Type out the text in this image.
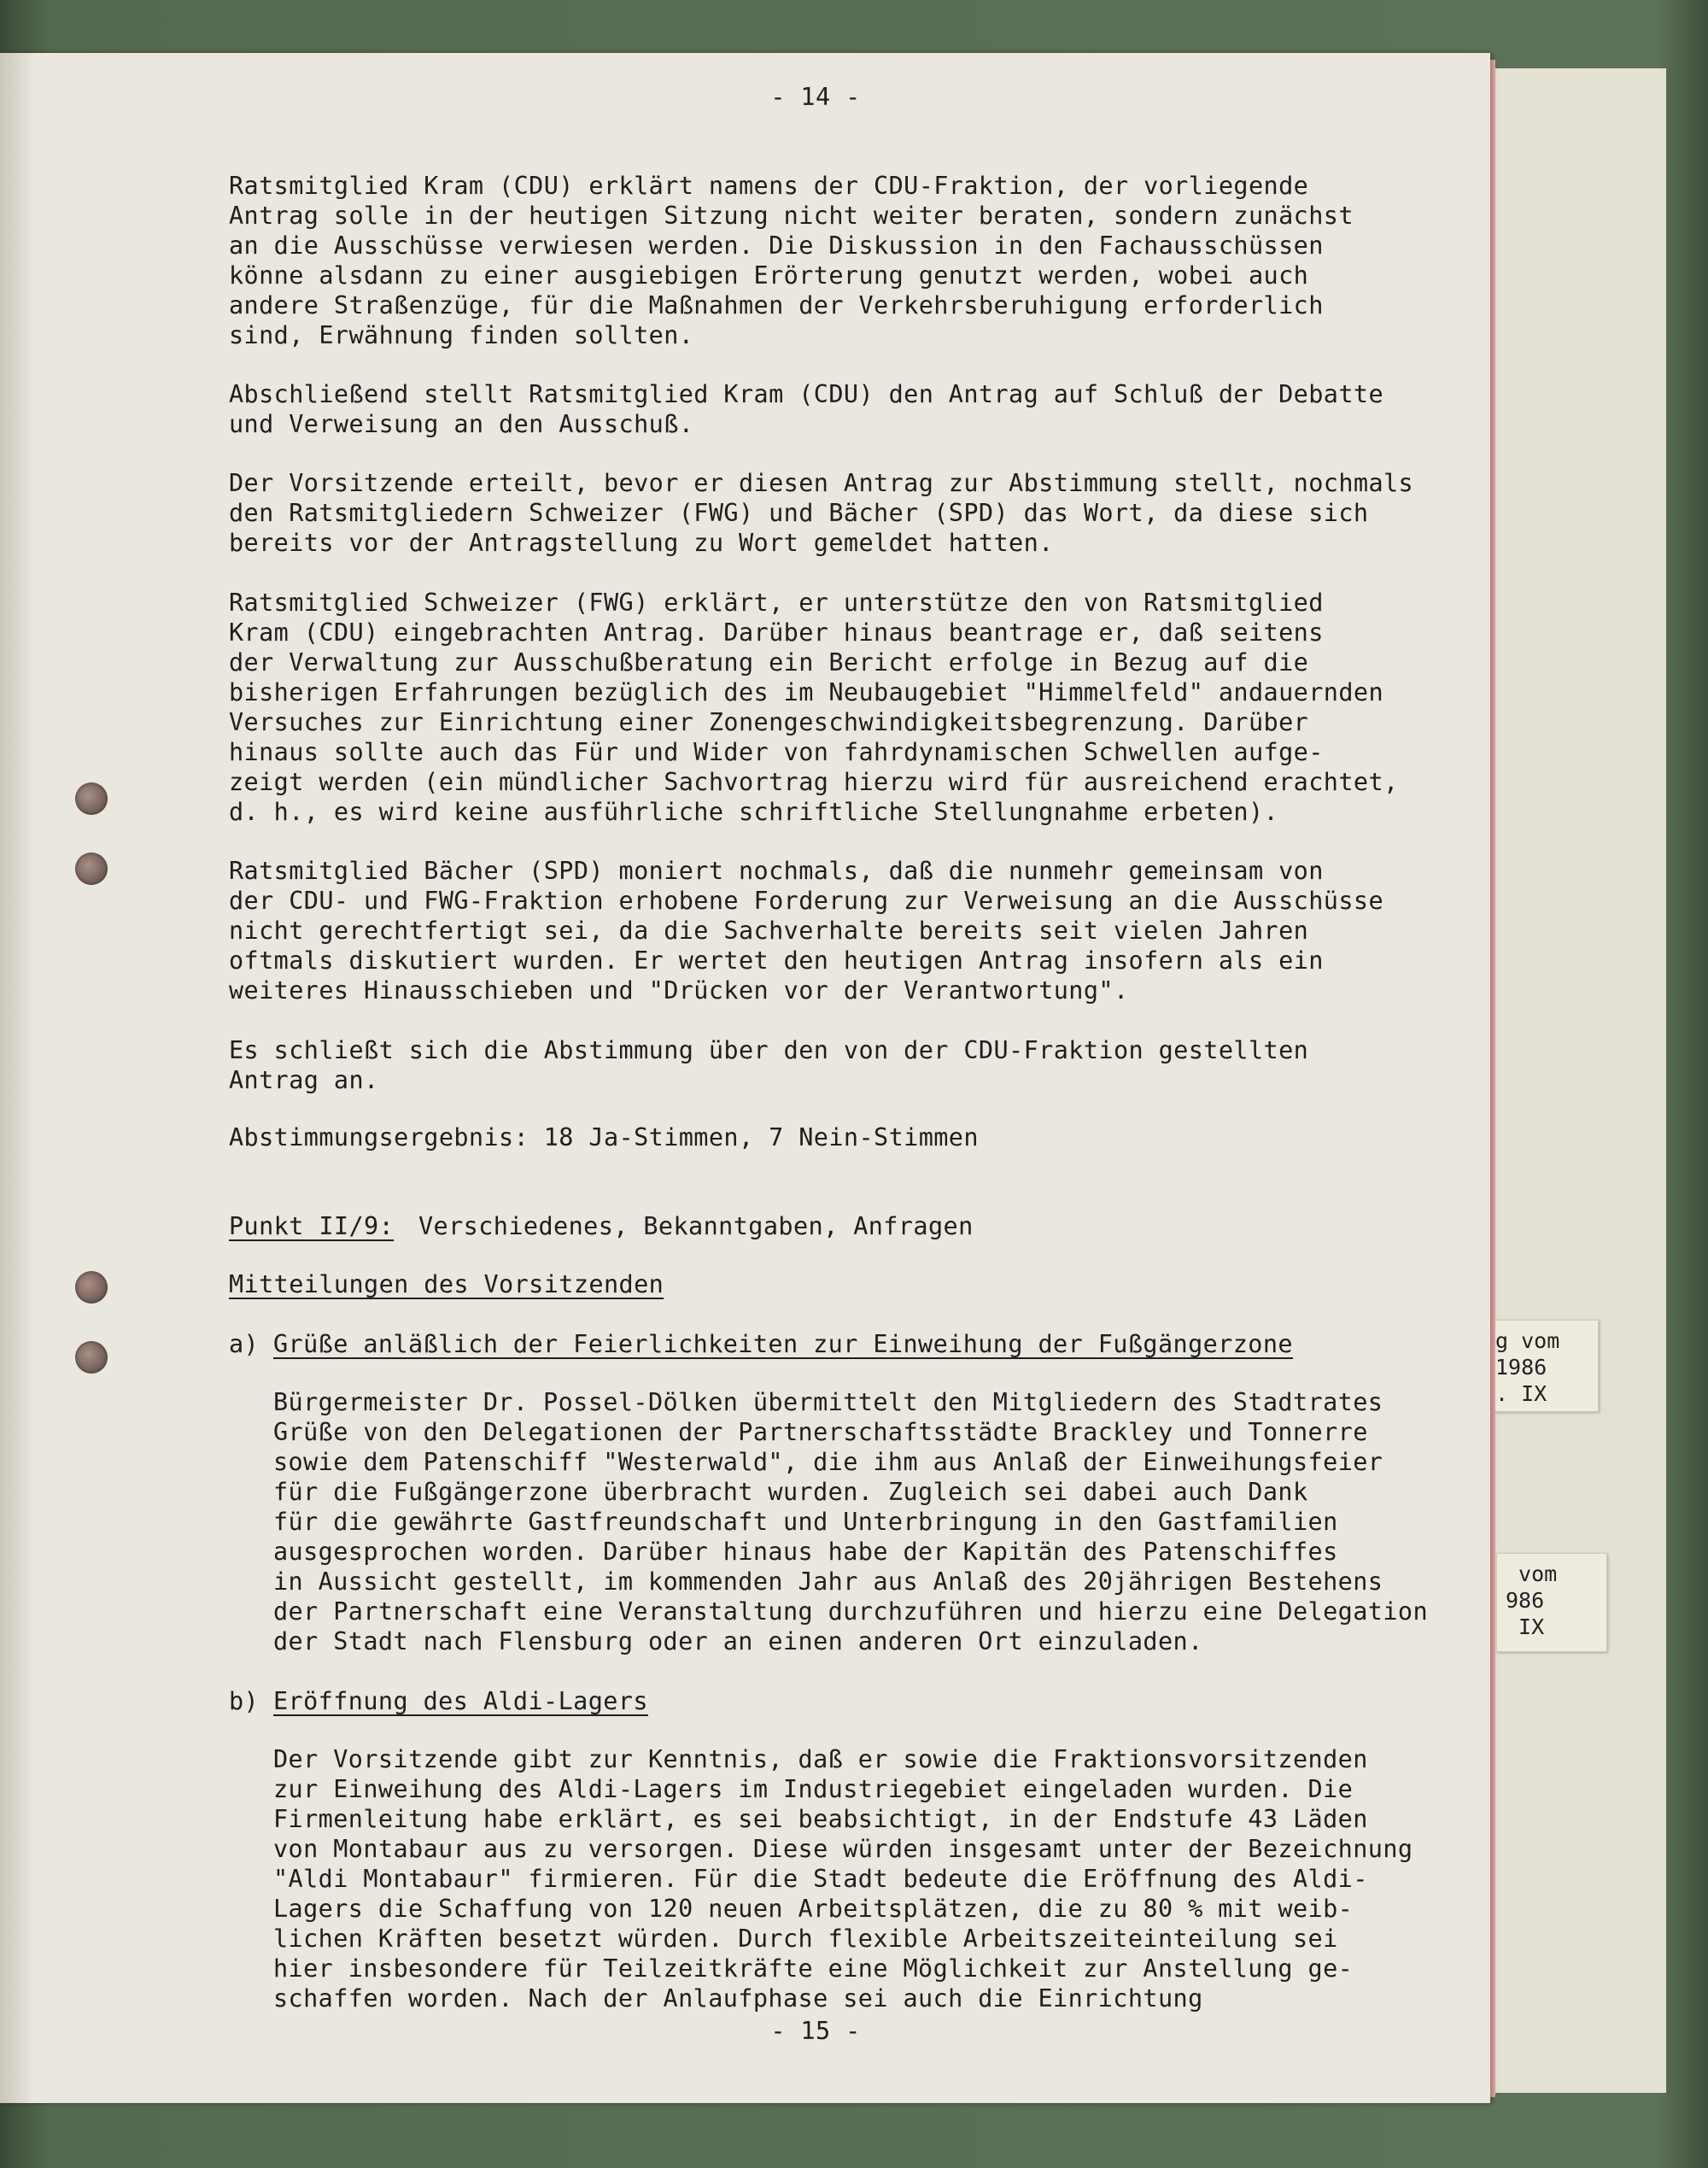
g vom
1986
. IX
vom
986
IX
- 14 -
Ratsmitglied Kram (CDU) erklärt namens der CDU-Fraktion, der vorliegende
Antrag solle in der heutigen Sitzung nicht weiter beraten, sondern zunächst
an die Ausschüsse verwiesen werden. Die Diskussion in den Fachausschüssen
könne alsdann zu einer ausgiebigen Erörterung genutzt werden, wobei auch
andere Straßenzüge, für die Maßnahmen der Verkehrsberuhigung erforderlich
sind, Erwähnung finden sollten.
Abschließend stellt Ratsmitglied Kram (CDU) den Antrag auf Schluß der Debatte
und Verweisung an den Ausschuß.
Der Vorsitzende erteilt, bevor er diesen Antrag zur Abstimmung stellt, nochmals
den Ratsmitgliedern Schweizer (FWG) und Bächer (SPD) das Wort, da diese sich
bereits vor der Antragstellung zu Wort gemeldet hatten.
Ratsmitglied Schweizer (FWG) erklärt, er unterstütze den von Ratsmitglied
Kram (CDU) eingebrachten Antrag. Darüber hinaus beantrage er, daß seitens
der Verwaltung zur Ausschußberatung ein Bericht erfolge in Bezug auf die
bisherigen Erfahrungen bezüglich des im Neubaugebiet "Himmelfeld" andauernden
Versuches zur Einrichtung einer Zonengeschwindigkeitsbegrenzung. Darüber
hinaus sollte auch das Für und Wider von fahrdynamischen Schwellen aufge-
zeigt werden (ein mündlicher Sachvortrag hierzu wird für ausreichend erachtet,
d. h., es wird keine ausführliche schriftliche Stellungnahme erbeten).
Ratsmitglied Bächer (SPD) moniert nochmals, daß die nunmehr gemeinsam von
der CDU- und FWG-Fraktion erhobene Forderung zur Verweisung an die Ausschüsse
nicht gerechtfertigt sei, da die Sachverhalte bereits seit vielen Jahren
oftmals diskutiert wurden. Er wertet den heutigen Antrag insofern als ein
weiteres Hinausschieben und "Drücken vor der Verantwortung".
Es schließt sich die Abstimmung über den von der CDU-Fraktion gestellten
Antrag an.
Abstimmungsergebnis: 18 Ja-Stimmen, 7 Nein-Stimmen
Punkt II/9: Verschiedenes, Bekanntgaben, Anfragen
Mitteilungen des Vorsitzenden
a) Grüße anläßlich der Feierlichkeiten zur Einweihung der Fußgängerzone
Bürgermeister Dr. Possel-Dölken übermittelt den Mitgliedern des Stadtrates
Grüße von den Delegationen der Partnerschaftsstädte Brackley und Tonnerre
sowie dem Patenschiff "Westerwald", die ihm aus Anlaß der Einweihungsfeier
für die Fußgängerzone überbracht wurden. Zugleich sei dabei auch Dank
für die gewährte Gastfreundschaft und Unterbringung in den Gastfamilien
ausgesprochen worden. Darüber hinaus habe der Kapitän des Patenschiffes
in Aussicht gestellt, im kommenden Jahr aus Anlaß des 20jährigen Bestehens
der Partnerschaft eine Veranstaltung durchzuführen und hierzu eine Delegation
der Stadt nach Flensburg oder an einen anderen Ort einzuladen.
b) Eröffnung des Aldi-Lagers
Der Vorsitzende gibt zur Kenntnis, daß er sowie die Fraktionsvorsitzenden
zur Einweihung des Aldi-Lagers im Industriegebiet eingeladen wurden. Die
Firmenleitung habe erklärt, es sei beabsichtigt, in der Endstufe 43 Läden
von Montabaur aus zu versorgen. Diese würden insgesamt unter der Bezeichnung
"Aldi Montabaur" firmieren. Für die Stadt bedeute die Eröffnung des Aldi-
Lagers die Schaffung von 120 neuen Arbeitsplätzen, die zu 80 % mit weib-
lichen Kräften besetzt würden. Durch flexible Arbeitszeiteinteilung sei
hier insbesondere für Teilzeitkräfte eine Möglichkeit zur Anstellung ge-
schaffen worden. Nach der Anlaufphase sei auch die Einrichtung
- 15 -
